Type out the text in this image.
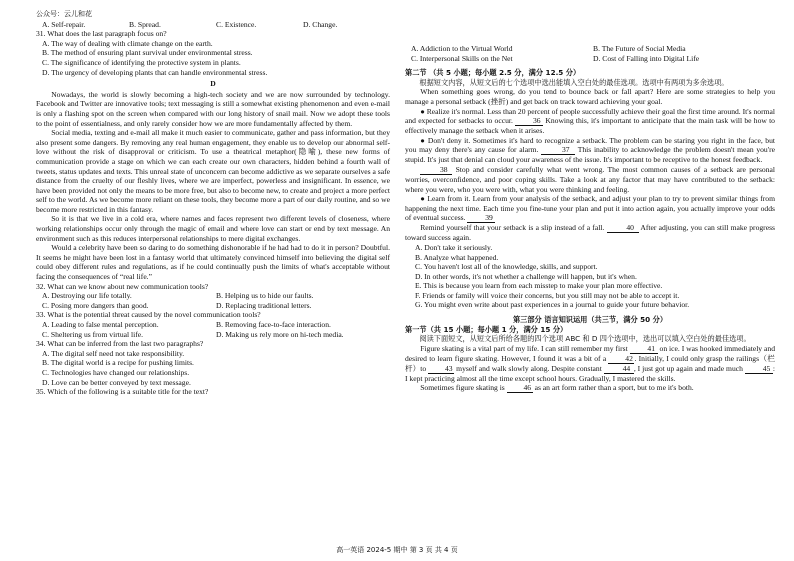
公众号：云儿和花

A. Self-repair.	B. Spread.	C. Existence.	D. Change.

31. What does the last paragraph focus on?

A. The way of dealing with climate change on the earth.

B. The method of ensuring plant survival under environmental stress.

C. The significance of identifying the protective system in plants.

D. The urgency of developing plants that can handle environmental stress.

D

Nowadays, the world is slowly becoming a high-tech society and we are now surrounded by technology. Facebook and Twitter are innovative tools; text messaging is still a somewhat existing phenomenon and even e-mail is only a flashing spot on the screen when compared with our long history of snail mail. Now we adopt these tools to the point of essentialness, and only rarely consider how we are more fundamentally affected by them.

Social media, texting and e-mail all make it much easier to communicate, gather and pass information, but they also present some dangers. By removing any real human engagement, they enable us to develop our abnormal self-love without the risk of disapproval or criticism. To use a theatrical metaphor(隐喻), these new forms of communication provide a stage on which we can each create our own characters, hidden behind a fourth wall of tweets, status updates and texts. This unreal state of unconcern can become addictive as we separate ourselves a safe distance from the cruelty of our fleshly lives, where we are imperfect, powerless and insignificant. In essence, we have been provided not only the means to be more free, but also to become new, to create and project a more perfect self to the world. As we become more reliant on these tools, they become more a part of our daily routine, and so we become more restricted in this fantasy.

So it is that we live in a cold era, where names and faces represent two different levels of closeness, where working relationships occur only through the magic of email and where love can start or end by text message. An environment such as this reduces interpersonal relationships to mere digital exchanges.

Would a celebrity have been so daring to do something dishonorable if he had had to do it in person? Doubtful. It seems he might have been lost in a fantasy world that ultimately convinced himself into believing the digital self could obey different rules and regulations, as if he could continually push the limits of what's acceptable without facing the consequences of “real life.”

32. What can we know about new communication tools?

A. Destroying our life totally.	B. Helping us to hide our faults.
C. Posing more dangers than good.	D. Replacing traditional letters.

33. What is the potential threat caused by the novel communication tools?

A. Leading to false mental perception.	B. Removing face-to-face interaction.
C. Sheltering us from virtual life.	D. Making us rely more on hi-tech media.

34. What can be inferred from the last two paragraphs?

A. The digital self need not take responsibility.

B. The digital world is a recipe for pushing limits.

C. Technologies have changed our relationships.

D. Love can be better conveyed by text message.

35. Which of the following is a suitable title for the text?

A. Addiction to the Virtual World	B. The Future of Social Media
C. Interpersonal Skills on the Net	D. Cost of Falling into Digital Life

第二节 （共 5 小题；每小题 2.5 分，满分 12.5 分）

根据短文内容，从短文后的七个选项中选出能填入空白处的最佳选项。选项中有两项为多余选项。

When something goes wrong, do you tend to bounce back or fall apart? Here are some strategies to help you manage a personal setback (挫折) and get back on track toward achieving your goal.

● Realize it's normal. Less than 20 percent of people successfully achieve their goal the first time around. It's normal and expected for setbacks to occur.	36 Knowing this, it's important to anticipate that the main task will be how to effectively manage the setback when it arises.

● Don't deny it. Sometimes it's hard to recognize a setback. The problem can be staring you right in the face, but you may deny there's any cause for alarm.	37 This inability to acknowledge the problem doesn't mean you're stupid. It's just that denial can cloud your awareness of the issue. It's important to be receptive to the honest feedback.

38 Stop and consider carefully what went wrong. The most common causes of a setback are personal worries, overconfidence, and poor coping skills. Take a look at any factor that may have contributed to the setback: where you were, who you were with, what you were thinking and feeling.

● Learn from it. Learn from your analysis of the setback, and adjust your plan to try to prevent similar things from happening the next time. Each time you fine-tune your plan and put it into action again, you actually improve your odds of eventual success.	39

Remind yourself that your setback is a slip instead of a fall.	40 After adjusting, you can still make progress toward success again.

A. Don't take it seriously.

B. Analyze what happened.

C. You haven't lost all of the knowledge, skills, and support.

D. In other words, it's not whether a challenge will happen, but it's when.

E. This is because you learn from each misstep to make your plan more effective.

F. Friends or family will voice their concerns, but you still may not be able to accept it.

G. You might even write about past experiences in a journal to guide your future behavior.

第三部分 语言知识运用（共三节，满分 50 分）

第一节（共 15 小题；每小题 1 分，满分 15 分）

阅读下面短文，从短文后所给各题的四个选项 ABC 和 D 四个选项中，选出可以填入空白处的最佳选项。

Figure skating is a vital part of my life. I can still remember my first	41 on ice. I was hooked immediately and desired to learn figure skating. However, I found it was a bit of a	42 . Initially, I could only grasp the railings（栏杆）to 43 myself and walk slowly along. Despite constant	44 , I just got up again and made much	45 : I kept practicing almost all the time except school hours. Gradually, I mastered the skills.

Sometimes figure skating is 46 as an art form rather than a sport, but to me it's both.

高一英语 2024-5 期中 第 3 页 共 4 页
